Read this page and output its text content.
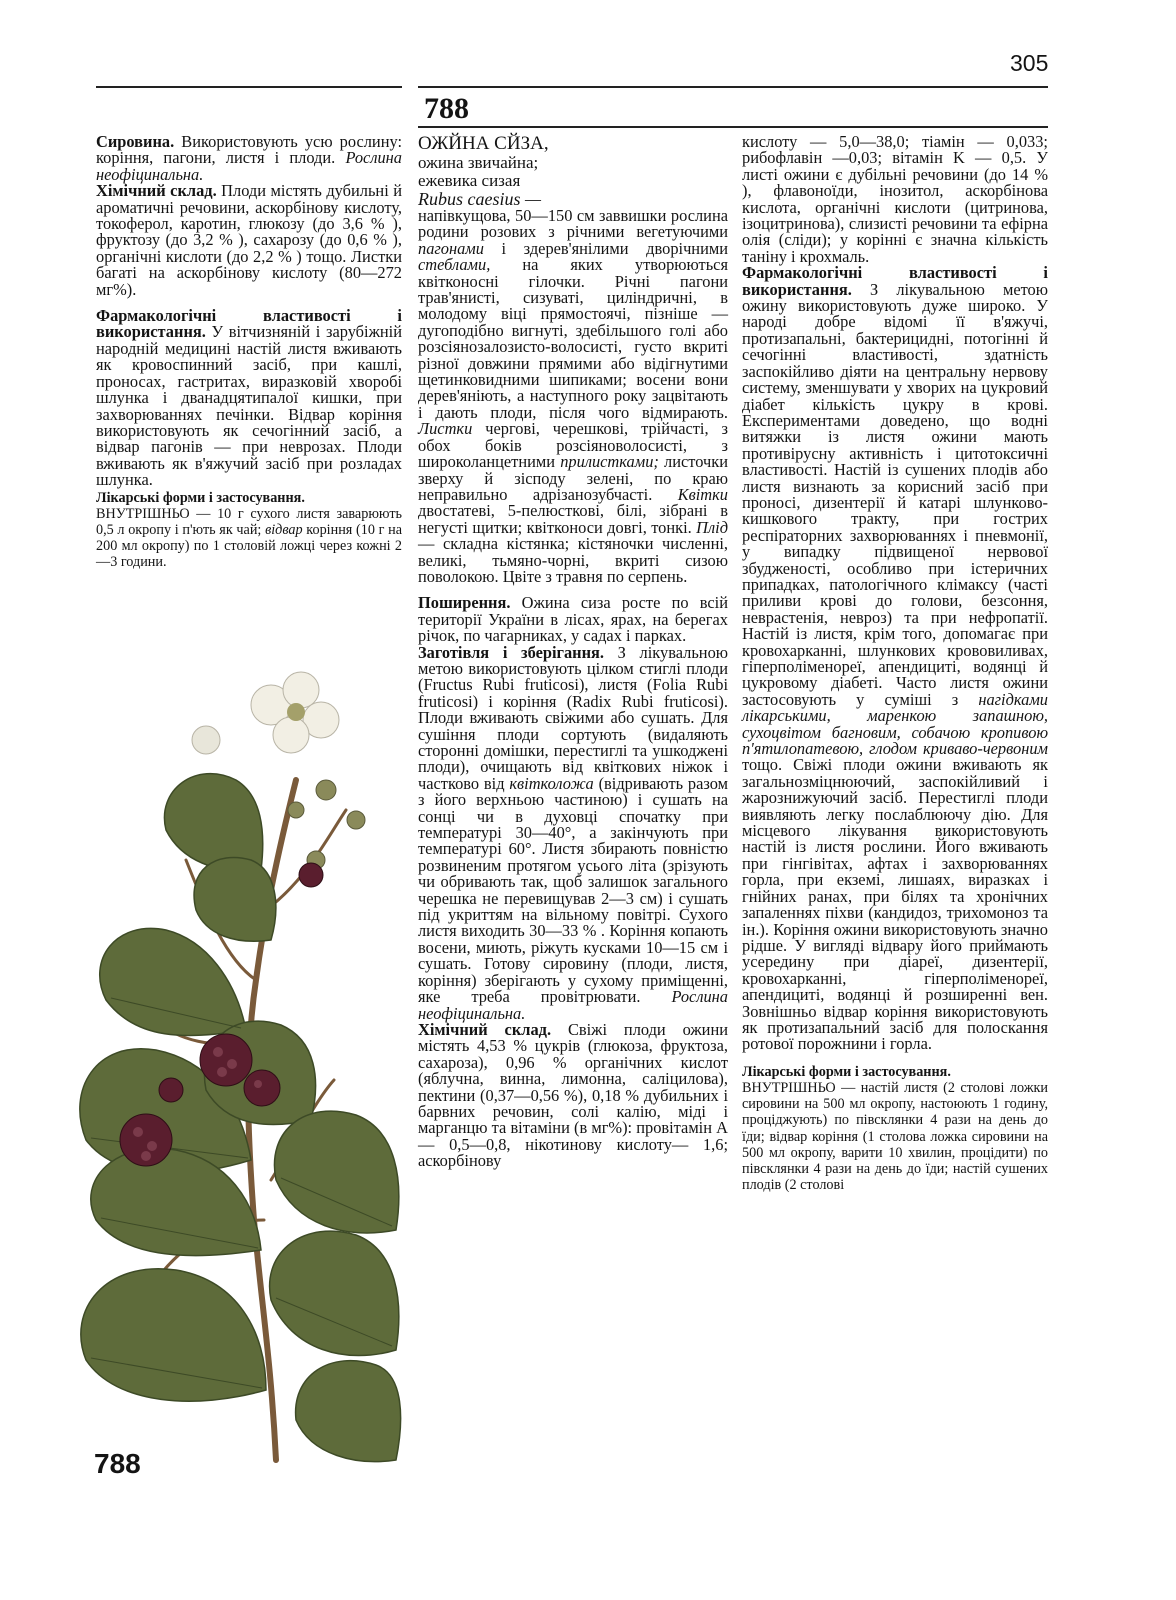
305
788

Сировина. Використовують усю рослину: коріння, пагони, листя і плоди. Рослина неофіцинальна.

Хімічний склад. Плоди містять дубильні й ароматичні речовини, аскорбінову кислоту, токоферол, каротин, глюкозу (до 3,6 % ), фруктозу (до 3,2 % ), сахарозу (до 0,6 % ), органічні кислоти (до 2,2 % ) тощо. Листки багаті на аскорбінову кислоту (80—272 мг%).

Фармакологічні властивості і використання. У вітчизняній і зарубіжній народній медицині настій листя вживають як кровоспинний засіб, при кашлі, проносах, гастритах, виразковій хворобі шлунка і дванадцятипалої кишки, при захворюваннях печінки. Відвар коріння використовують як сечогінний засіб, а відвар пагонів — при неврозах. Плоди вживають як в'яжучий засіб при розладах шлунка.

Лікарські форми і застосування.

ВНУТРІШНЬО — 10 г сухого листя заварюють 0,5 л окропу і п'ють як чай; відвар коріння (10 г на 200 мл окропу) по 1 столовій ложці через кожні 2—3 години.

788

ОЖЙНА СЙЗА,

ожина звичайна;

ежевика сизая

Rubus caesius —

напівкущова, 50—150 см заввишки рослина родини розових з річними вегетуючими пагонами і здерев'янілими дворічними стеблами, на яких утворюються квітконосні гілочки. Річні пагони трав'янисті, сизуваті, циліндричні, в молодому віці прямостоячі, пізніше — дугоподібно вигнуті, здебільшого голі або розсіянозалозисто-волосисті, густо вкриті різної довжини прямими або відігнутими щетинковидними шипиками; восени вони дерев'яніють, а наступного року зацвітають і дають плоди, після чого відмирають. Листки чергові, черешкові, трійчасті, з обох боків розсіяноволосисті, з широколанцетними прилистками; листочки зверху й зісподу зелені, по краю неправильно адрізанозубчасті. Квітки двостатеві, 5-пелюсткові, білі, зібрані в негусті щитки; квітконоси довгі, тонкі. Плід — складна кістянка; кістяночки численні, великі, тьмяно-чорні, вкриті сизою поволокою. Цвіте з травня по серпень.

Поширення. Ожина сиза росте по всій території України в лісах, ярах, на берегах річок, по чагарниках, у садах і парках.

Заготівля і зберігання. З лікувальною метою використовують цілком стиглі плоди (Fructus Rubi fruticosi), листя (Folia Rubi fruticosi) і коріння (Radix Rubi fruticosi). Плоди вживають свіжими або сушать. Для сушіння плоди сортують (видаляють сторонні домішки, перестиглі та ушкоджені плоди), очищають від квіткових ніжок і частково від квітколожа (відривають разом з його верхньою частиною) і сушать на сонці чи в духовці спочатку при температурі 30—40°, а закінчують при температурі 60°. Листя збирають повністю розвиненим протягом усього літа (зрізують чи обривають так, щоб залишок загального черешка не перевищував 2—3 см) і сушать під укриттям на вільному повітрі. Сухого листя виходить 30—33 % . Коріння копають восени, миють, ріжуть кусками 10—15 см і сушать. Готову сировину (плоди, листя, коріння) зберігають у сухому приміщенні, яке треба провітрювати. Рослина неофіцинальна.

Хімічний склад. Свіжі плоди ожини містять 4,53 % цукрів (глюкоза, фруктоза, сахароза), 0,96 % органічних кислот (яблучна, винна, лимонна, саліцилова), пектини (0,37—0,56 %), 0,18 % дубильних і барвних речовин, солі калію, міді і марганцю та вітаміни (в мг%): провітамін А — 0,5—0,8, нікотинову кислоту— 1,6; аскорбінову

кислоту — 5,0—38,0; тіамін — 0,033; рибофлавін —0,03; вітамін K — 0,5. У листі ожини є дубільні речовини (до 14 % ), флавоноїди, інозитол, аскорбінова кислота, органічні кислоти (цитринова, ізоцитринова), слизисті речовини та ефірна олія (сліди); у корінні є значна кількість таніну і крохмаль.

Фармакологічні властивості і використання. З лікувальною метою ожину використовують дуже широко. У народі добре відомі її в'яжучі, протизапальні, бактерицидні, потогінні й сечогінні властивості, здатність заспокійливо діяти на центральну нервову систему, зменшувати у хворих на цукровий діабет кількість цукру в крові. Експериментами доведено, що водні витяжки із листя ожини мають противірусну активність і цитотоксичні властивості. Настій із сушених плодів або листя визнають за корисний засіб при проносі, дизентерії й катарі шлунково-кишкового тракту, при гострих респіраторних захворюваннях і пневмонії, у випадку підвищеної нервової збудженості, особливо при істеричних припадках, патологічного клімаксу (часті приливи крові до голови, безсоння, неврастенія, невроз) та при нефропатії. Настій із листя, крім того, допомагає при кровохарканні, шлункових крововиливах, гіперполіменореї, апендициті, водянці й цукровому діабеті. Часто листя ожини застосовують у суміші з нагідками лікарськими, маренкою запашною, сухоцвітом багновим, собачою кропивою п'ятилопатевою, глодом криваво-червоним тощо. Свіжі плоди ожини вживають як загальнозміцнюючий, заспокійливий і жарознижуючий засіб. Перестиглі плоди виявляють легку послаблюючу дію. Для місцевого лікування використовують настій із листя рослини. Його вживають при гінгівітах, афтах і захворюваннях горла, при екземі, лишаях, виразках і гнійних ранах, при білях та хронічних запаленнях піхви (кандидоз, трихомоноз та ін.). Коріння ожини використовують значно рідше. У вигляді відвару його приймають усередину при діареї, дизентерії, кровохарканні, гіперполіменореї, апендициті, водянці й розширенні вен. Зовнішньо відвар коріння використовують як протизапальний засіб для полоскання ротової порожнини і горла.

Лікарські форми і застосування.

ВНУТРІШНЬО — настій листя (2 столові ложки сировини на 500 мл окропу, настоюють 1 годину, проціджують) по півсклянки 4 рази на день до їди; відвар коріння (1 столова ложка сировини на 500 мл окропу, варити 10 хвилин, процідити) по півсклянки 4 рази на день до їди; настій сушених плодів (2 столові
